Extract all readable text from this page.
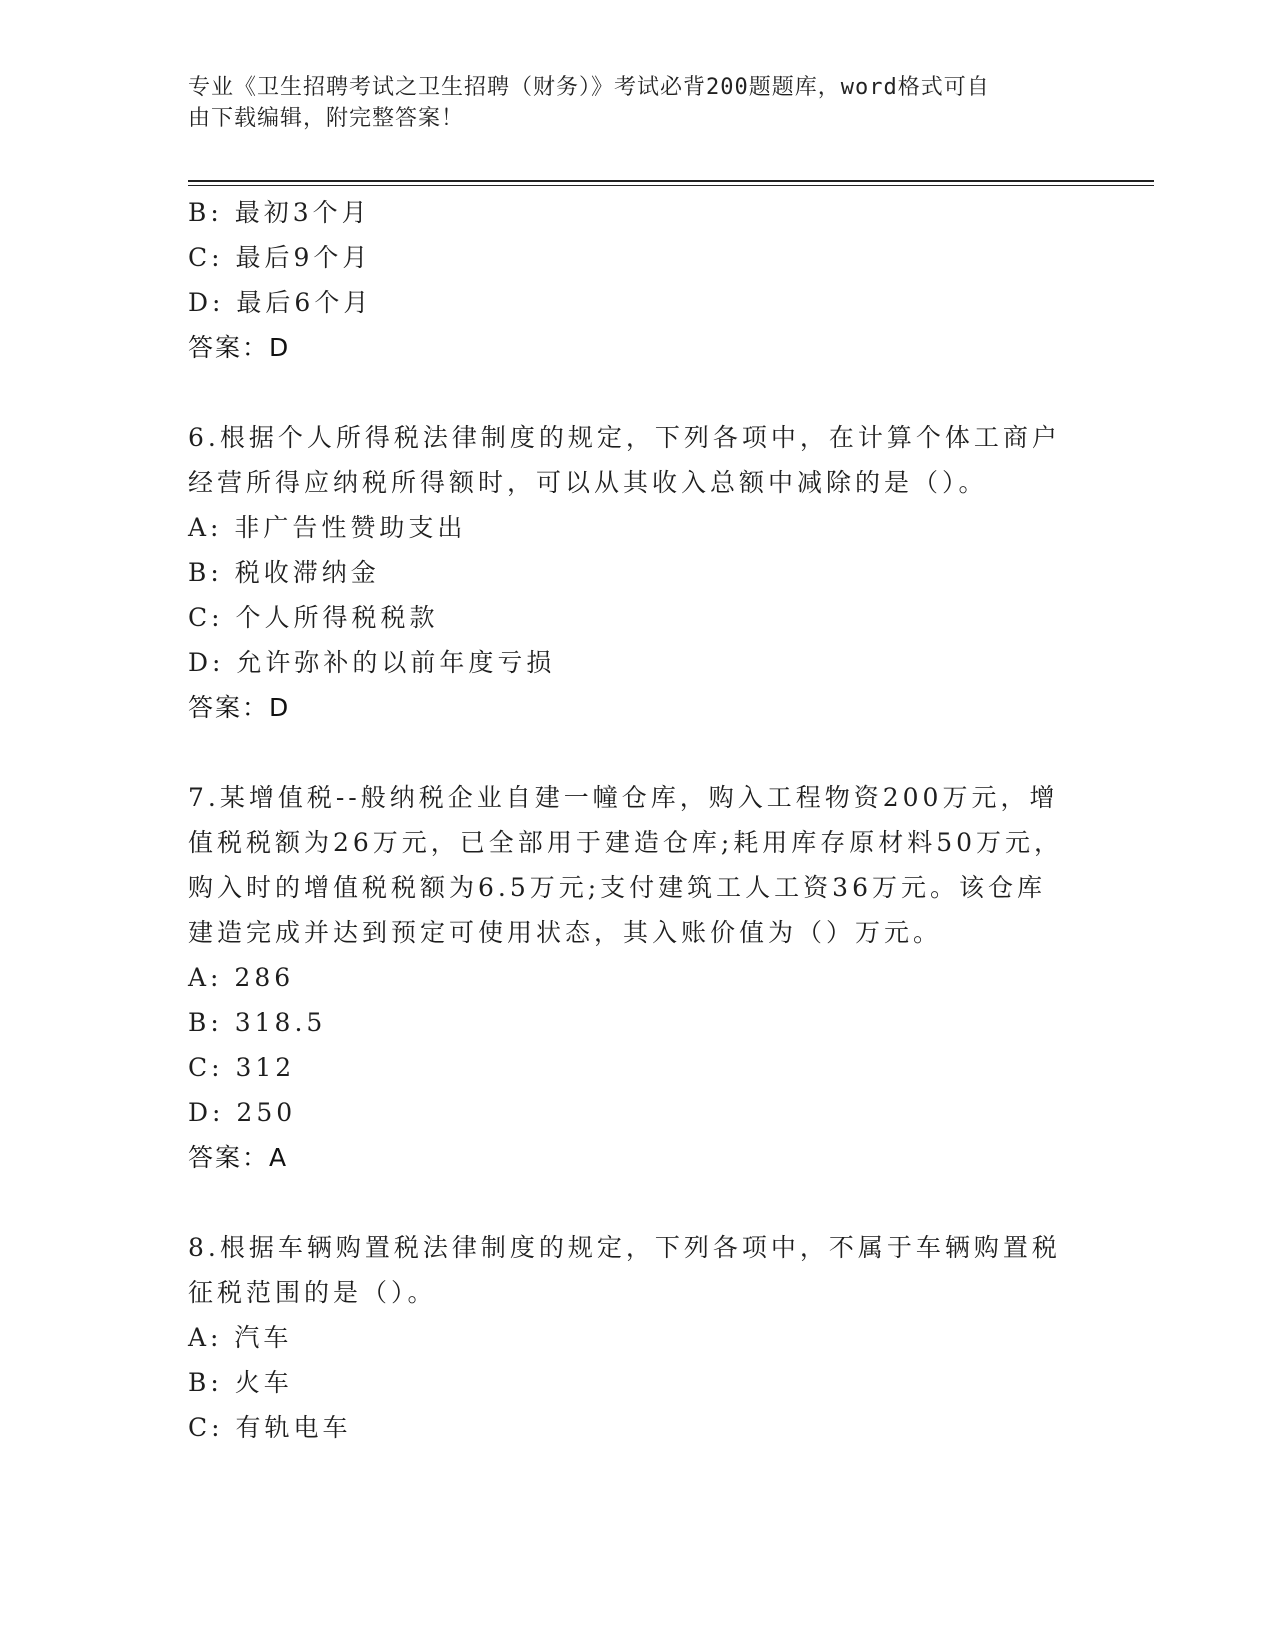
专业《卫生招聘考试之卫生招聘（财务）》考试必背200题题库，word格式可自
由下载编辑，附完整答案！
B: 最初3个月
C: 最后9个月
D: 最后6个月
答案：D
6.根据个人所得税法律制度的规定，下列各项中，在计算个体工商户
经营所得应纳税所得额时，可以从其收入总额中减除的是（）。
A: 非广告性赞助支出
B: 税收滞纳金
C: 个人所得税税款
D: 允许弥补的以前年度亏损
答案：D
7.某增值税--般纳税企业自建一幢仓库，购入工程物资200万元，增
值税税额为26万元，已全部用于建造仓库;耗用库存原材料50万元，
购入时的增值税税额为6.5万元;支付建筑工人工资36万元。该仓库
建造完成并达到预定可使用状态，其入账价值为（）万元。
A: 286
B: 318.5
C: 312
D: 250
答案：A
8.根据车辆购置税法律制度的规定，下列各项中，不属于车辆购置税
征税范围的是（）。
A: 汽车
B: 火车
C: 有轨电车
